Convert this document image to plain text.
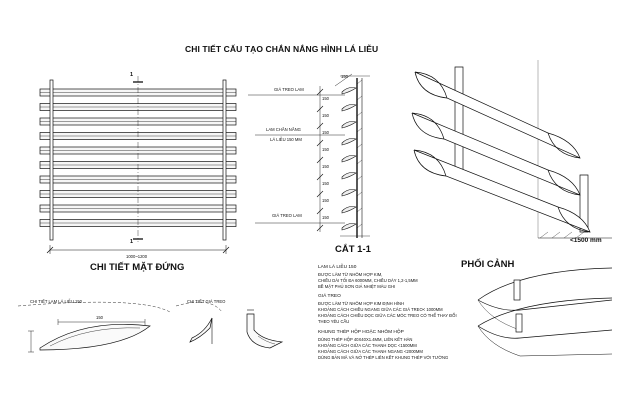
CHI TIẾT CẤU TẠO CHẮN NẮNG HÌNH LÁ LIỄU
1
1
1000~1200
CHI TIẾT MẶT ĐỨNG
GIÁ TREO LAM
LAM CHẮN NẮNG
LÁ LIỄU 150 MM
GIÁ TREO LAM
150
150
150
150
150
150
150
150
150
CẮT 1-1
<1500 mm
PHỐI CẢNH
LAM LÁ LIỄU 150
ĐƯỢC LÀM TỪ NHÔM HỢP KIM,
CHIỀU DÀI TỐI ĐA 6000MM, CHIỀU DÀY 1,2-1,5MM
BỀ MẶT PHỦ SƠN GIẢ NHIỆT MÀU GHI
GIÁ TREO
ĐƯỢC LÀM TỪ NHÔM HỢP KIM ĐỊNH HÌNH
KHOẢNG CÁCH CHIỀU NGANG GIỮA CÁC GIÁ TREO< 1000MM
KHOẢNG CÁCH CHIỀU DỌC GIỮA CÁC MÓC TREO CÓ THỂ THAY ĐỔI
THEO YÊU CẦU
KHUNG THÉP HỘP HOẶC NHÔM HỘP
DÙNG THÉP HỘP 40X40X1.4MM, LIÊN KẾT HÀN
KHOẢNG CÁCH GIỮA CÁC THANH DỌC <1500MM
KHOẢNG CÁCH GIỮA CÁC THANH NGANG <2000MM
DÙNG BẢN MÃ VÀ NỞ THÉP LIÊN KẾT KHUNG THÉP VỚI TƯỜNG
CHI TIẾT LAM LÁ LIỄU 150
150
CHI TIẾT GIÁ TREO
